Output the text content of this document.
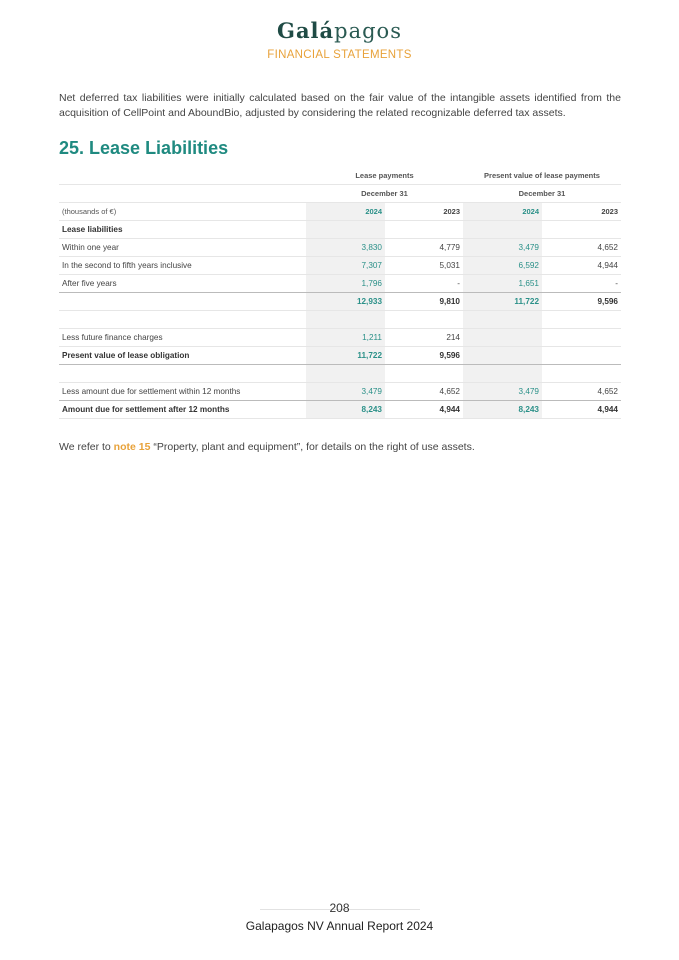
Galápagos
FINANCIAL STATEMENTS

Net deferred tax liabilities were initially calculated based on the fair value of the intangible assets identified from the acquisition of CellPoint and AboundBio, adjusted by considering the related recognizable deferred tax assets.

25. Lease Liabilities
	Lease payments		Present value of lease payments	
	December 31		December 31	
(thousands of €)	2024	2023	2024	2023
Lease liabilities				
Within one year	3,830	4,779	3,479	4,652
In the second to fifth years inclusive	7,307	5,031	6,592	4,944
After five years	1,796	-	1,651	-
	12,933	9,810	11,722	9,596

Less future finance charges	1,211	214		
Present value of lease obligation	11,722	9,596		

Less amount due for settlement within 12 months	3,479	4,652	3,479	4,652
Amount due for settlement after 12 months	8,243	4,944	8,243	4,944
We refer to note 15 “Property, plant and equipment”, for details on the right of use assets.
208
Galapagos NV Annual Report 2024
